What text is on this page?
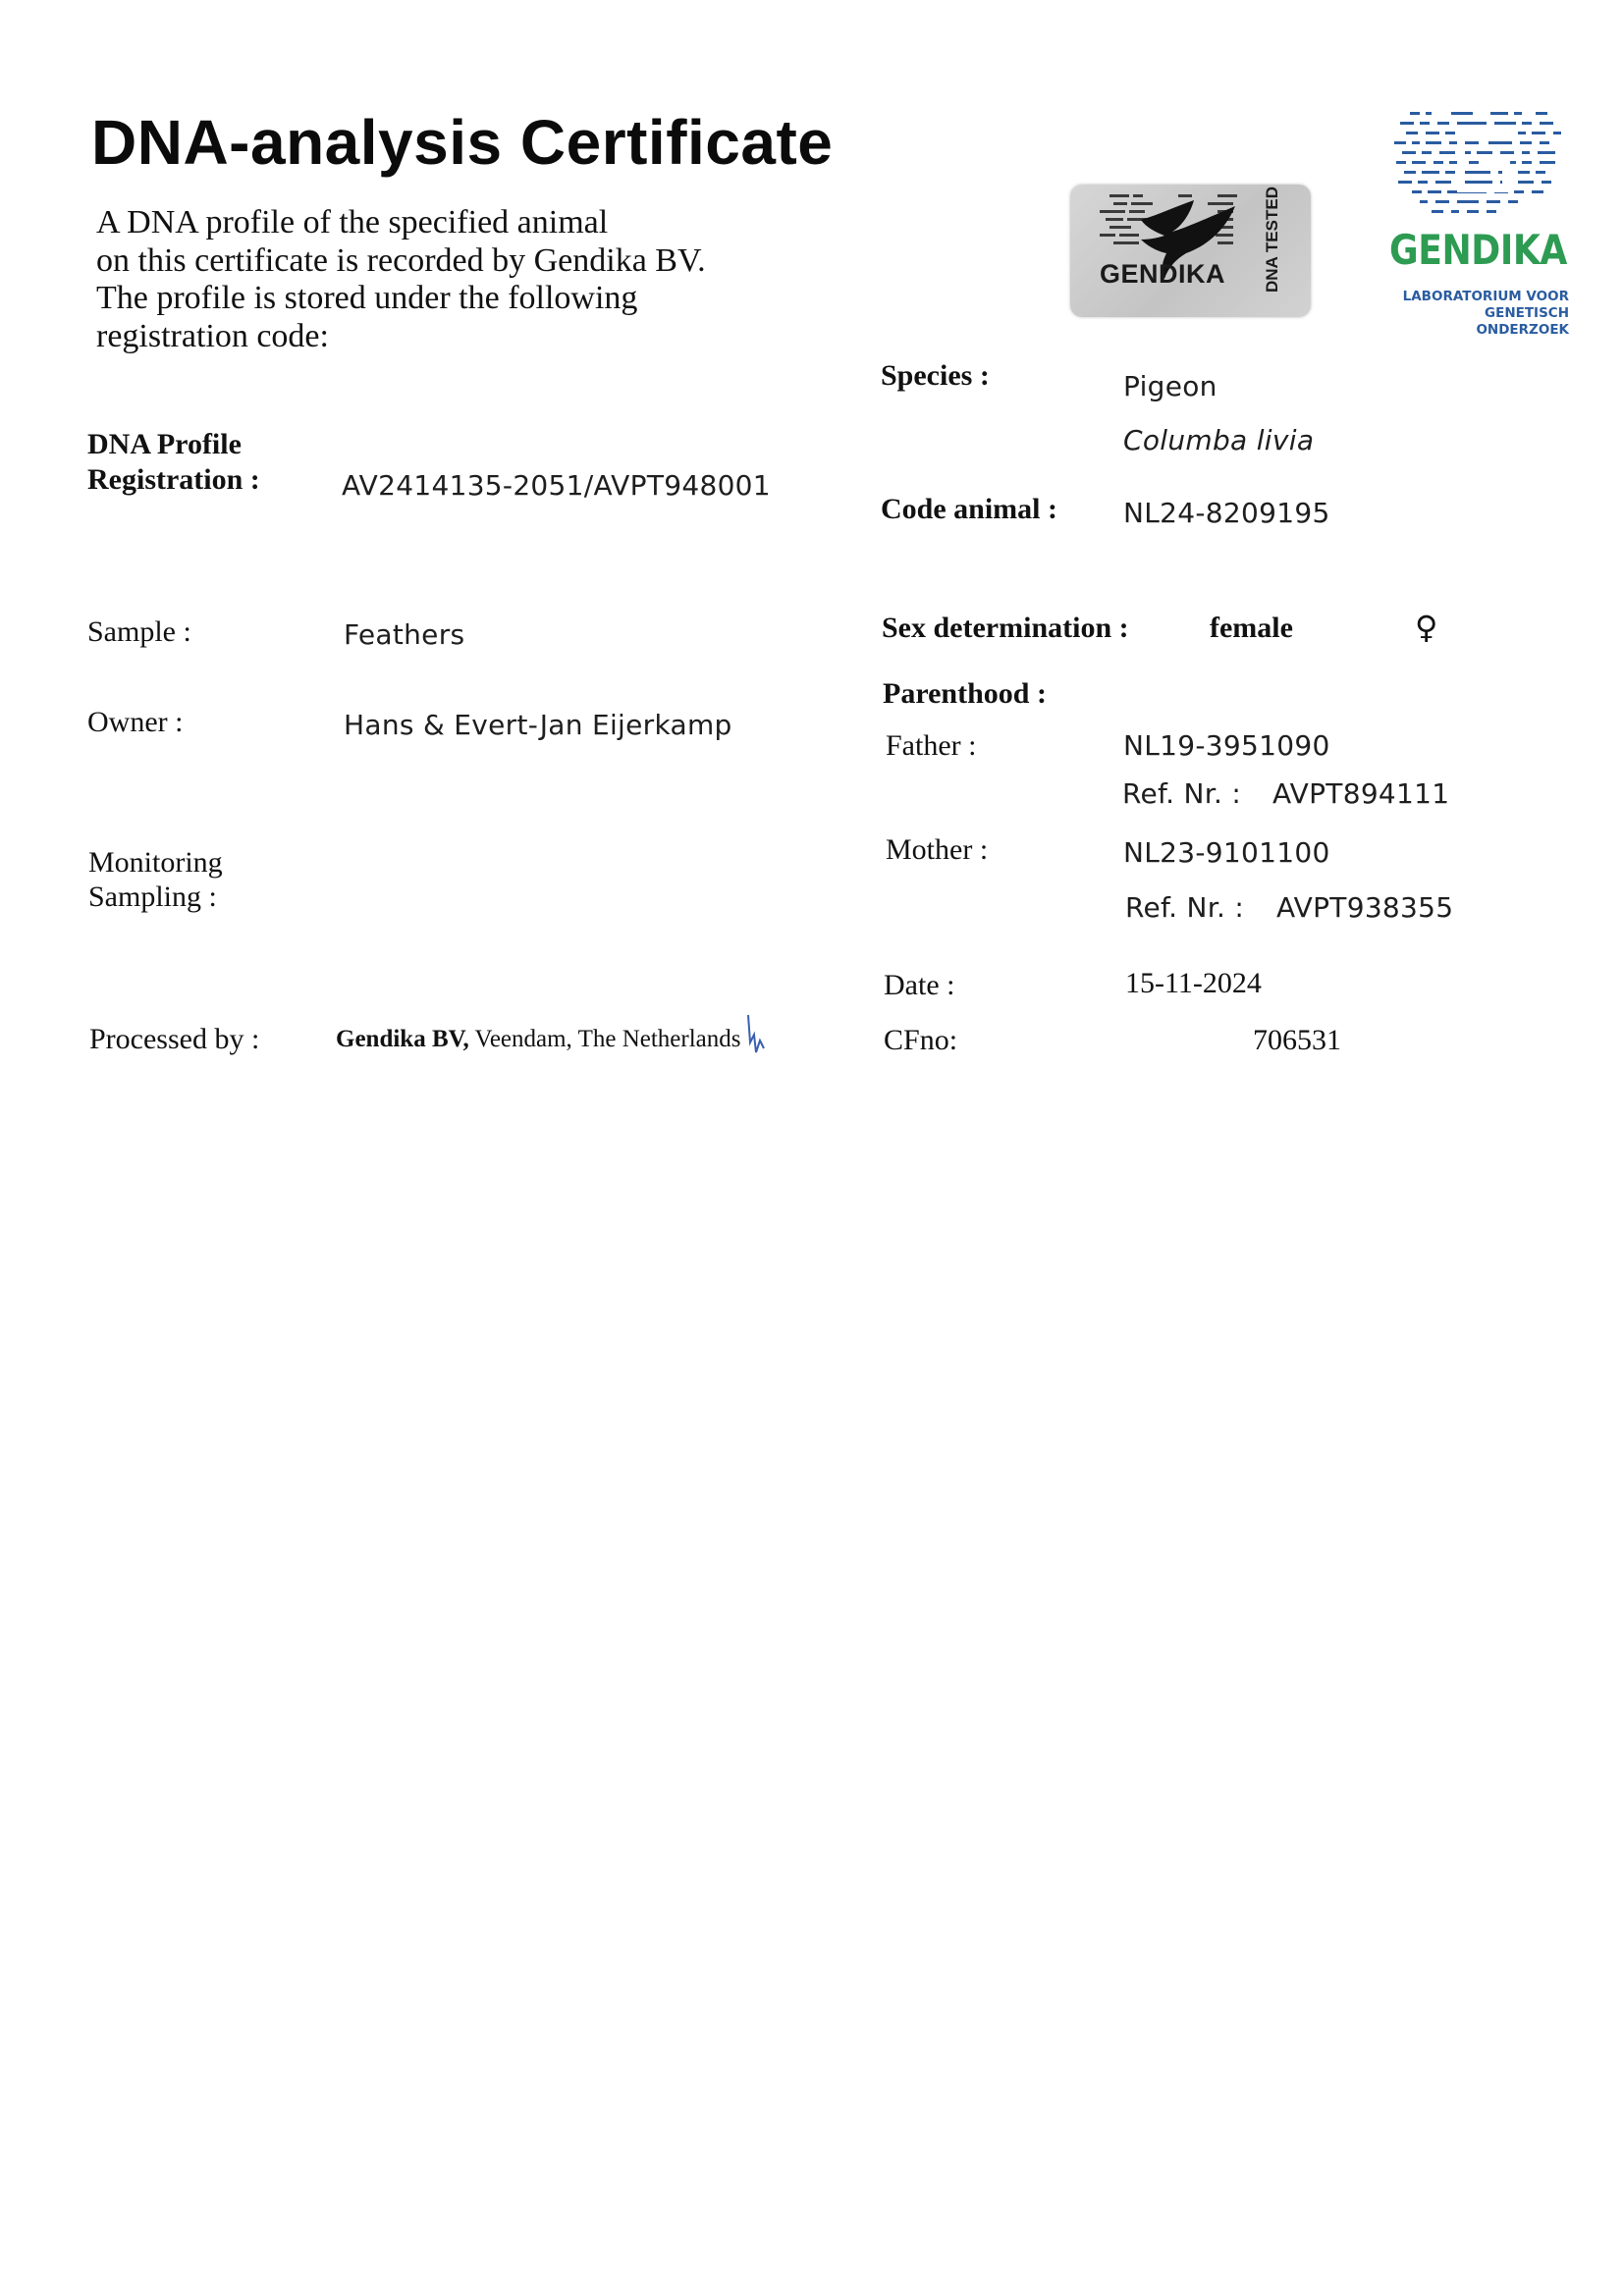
DNA-analysis Certificate
A DNA profile of the specified animal
on this certificate is recorded by Gendika BV.
The profile is stored under the following
registration code:
GENDIKA DNA TESTED	GENDIKA
LABORATORIUM VOOR
GENETISCH ONDERZOEK
DNA Profile
Registration :	AV2414135-2051/AVPT948001
Sample :	Feathers
Owner :	Hans & Evert-Jan Eijerkamp
Monitoring
Sampling :
Processed by :	Gendika BV, Veendam, The Netherlands
Species :	Pigeon
Columba livia
Code animal : NL24-8209195
Sex determination :	female	♀
Parenthood :
Father :	NL19-3951090
Ref. Nr. : AVPT894111
Mother :	NL23-9101100
Ref. Nr. : AVPT938355
Date :	15-11-2024
CFno:	706531
